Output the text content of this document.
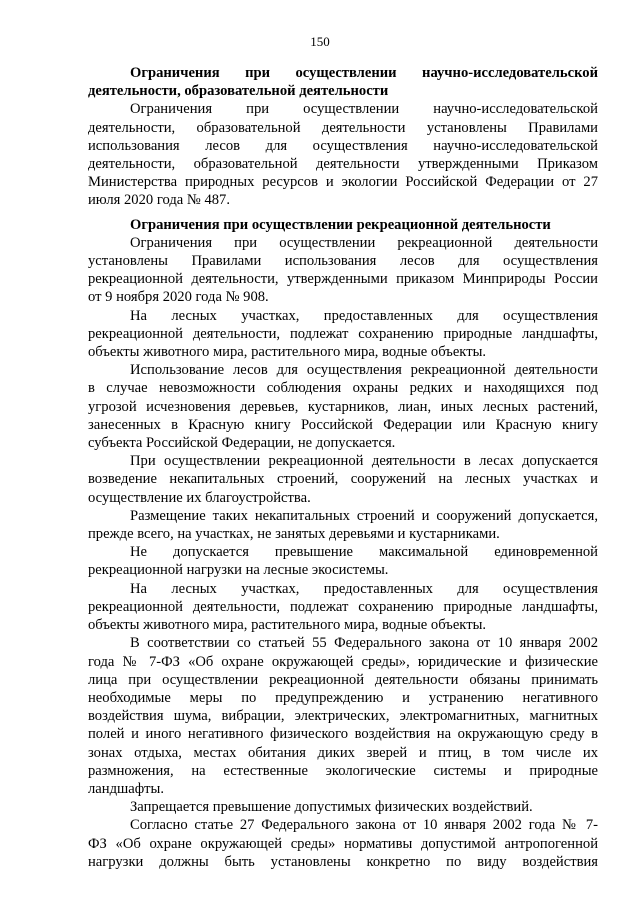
150
Ограничения при осуществлении научно-исследовательской
деятельности, образовательной деятельности
Ограничения при осуществлении научно-исследовательской
деятельности, образовательной деятельности установлены Правилами
использования лесов для осуществления научно-исследовательской
деятельности, образовательной деятельности утвержденными Приказом
Министерства природных ресурсов и экологии Российской Федерации от 27
июля 2020 года № 487.
Ограничения при осуществлении рекреационной деятельности
Ограничения при осуществлении рекреационной деятельности
установлены Правилами использования лесов для осуществления
рекреационной деятельности, утвержденными приказом Минприроды России
от 9 ноября 2020 года № 908.
На лесных участках, предоставленных для осуществления
рекреационной деятельности, подлежат сохранению природные ландшафты,
объекты животного мира, растительного мира, водные объекты.
Использование лесов для осуществления рекреационной деятельности
в случае невозможности соблюдения охраны редких и находящихся под
угрозой исчезновения деревьев, кустарников, лиан, иных лесных растений,
занесенных в Красную книгу Российской Федерации или Красную книгу
субъекта Российской Федерации, не допускается.
При осуществлении рекреационной деятельности в лесах допускается
возведение некапитальных строений, сооружений на лесных участках и
осуществление их благоустройства.
Размещение таких некапитальных строений и сооружений допускается,
прежде всего, на участках, не занятых деревьями и кустарниками.
Не допускается превышение максимальной единовременной
рекреационной нагрузки на лесные экосистемы.
На лесных участках, предоставленных для осуществления
рекреационной деятельности, подлежат сохранению природные ландшафты,
объекты животного мира, растительного мира, водные объекты.
В соответствии со статьей 55 Федерального закона от 10 января 2002
года № 7-ФЗ «Об охране окружающей среды», юридические и физические
лица при осуществлении рекреационной деятельности обязаны принимать
необходимые меры по предупреждению и устранению негативного
воздействия шума, вибрации, электрических, электромагнитных, магнитных
полей и иного негативного физического воздействия на окружающую среду в
зонах отдыха, местах обитания диких зверей и птиц, в том числе их
размножения, на естественные экологические системы и природные
ландшафты.
Запрещается превышение допустимых физических воздействий.
Согласно статье 27 Федерального закона от 10 января 2002 года № 7-
ФЗ «Об охране окружающей среды» нормативы допустимой антропогенной
нагрузки должны быть установлены конкретно по виду воздействия
